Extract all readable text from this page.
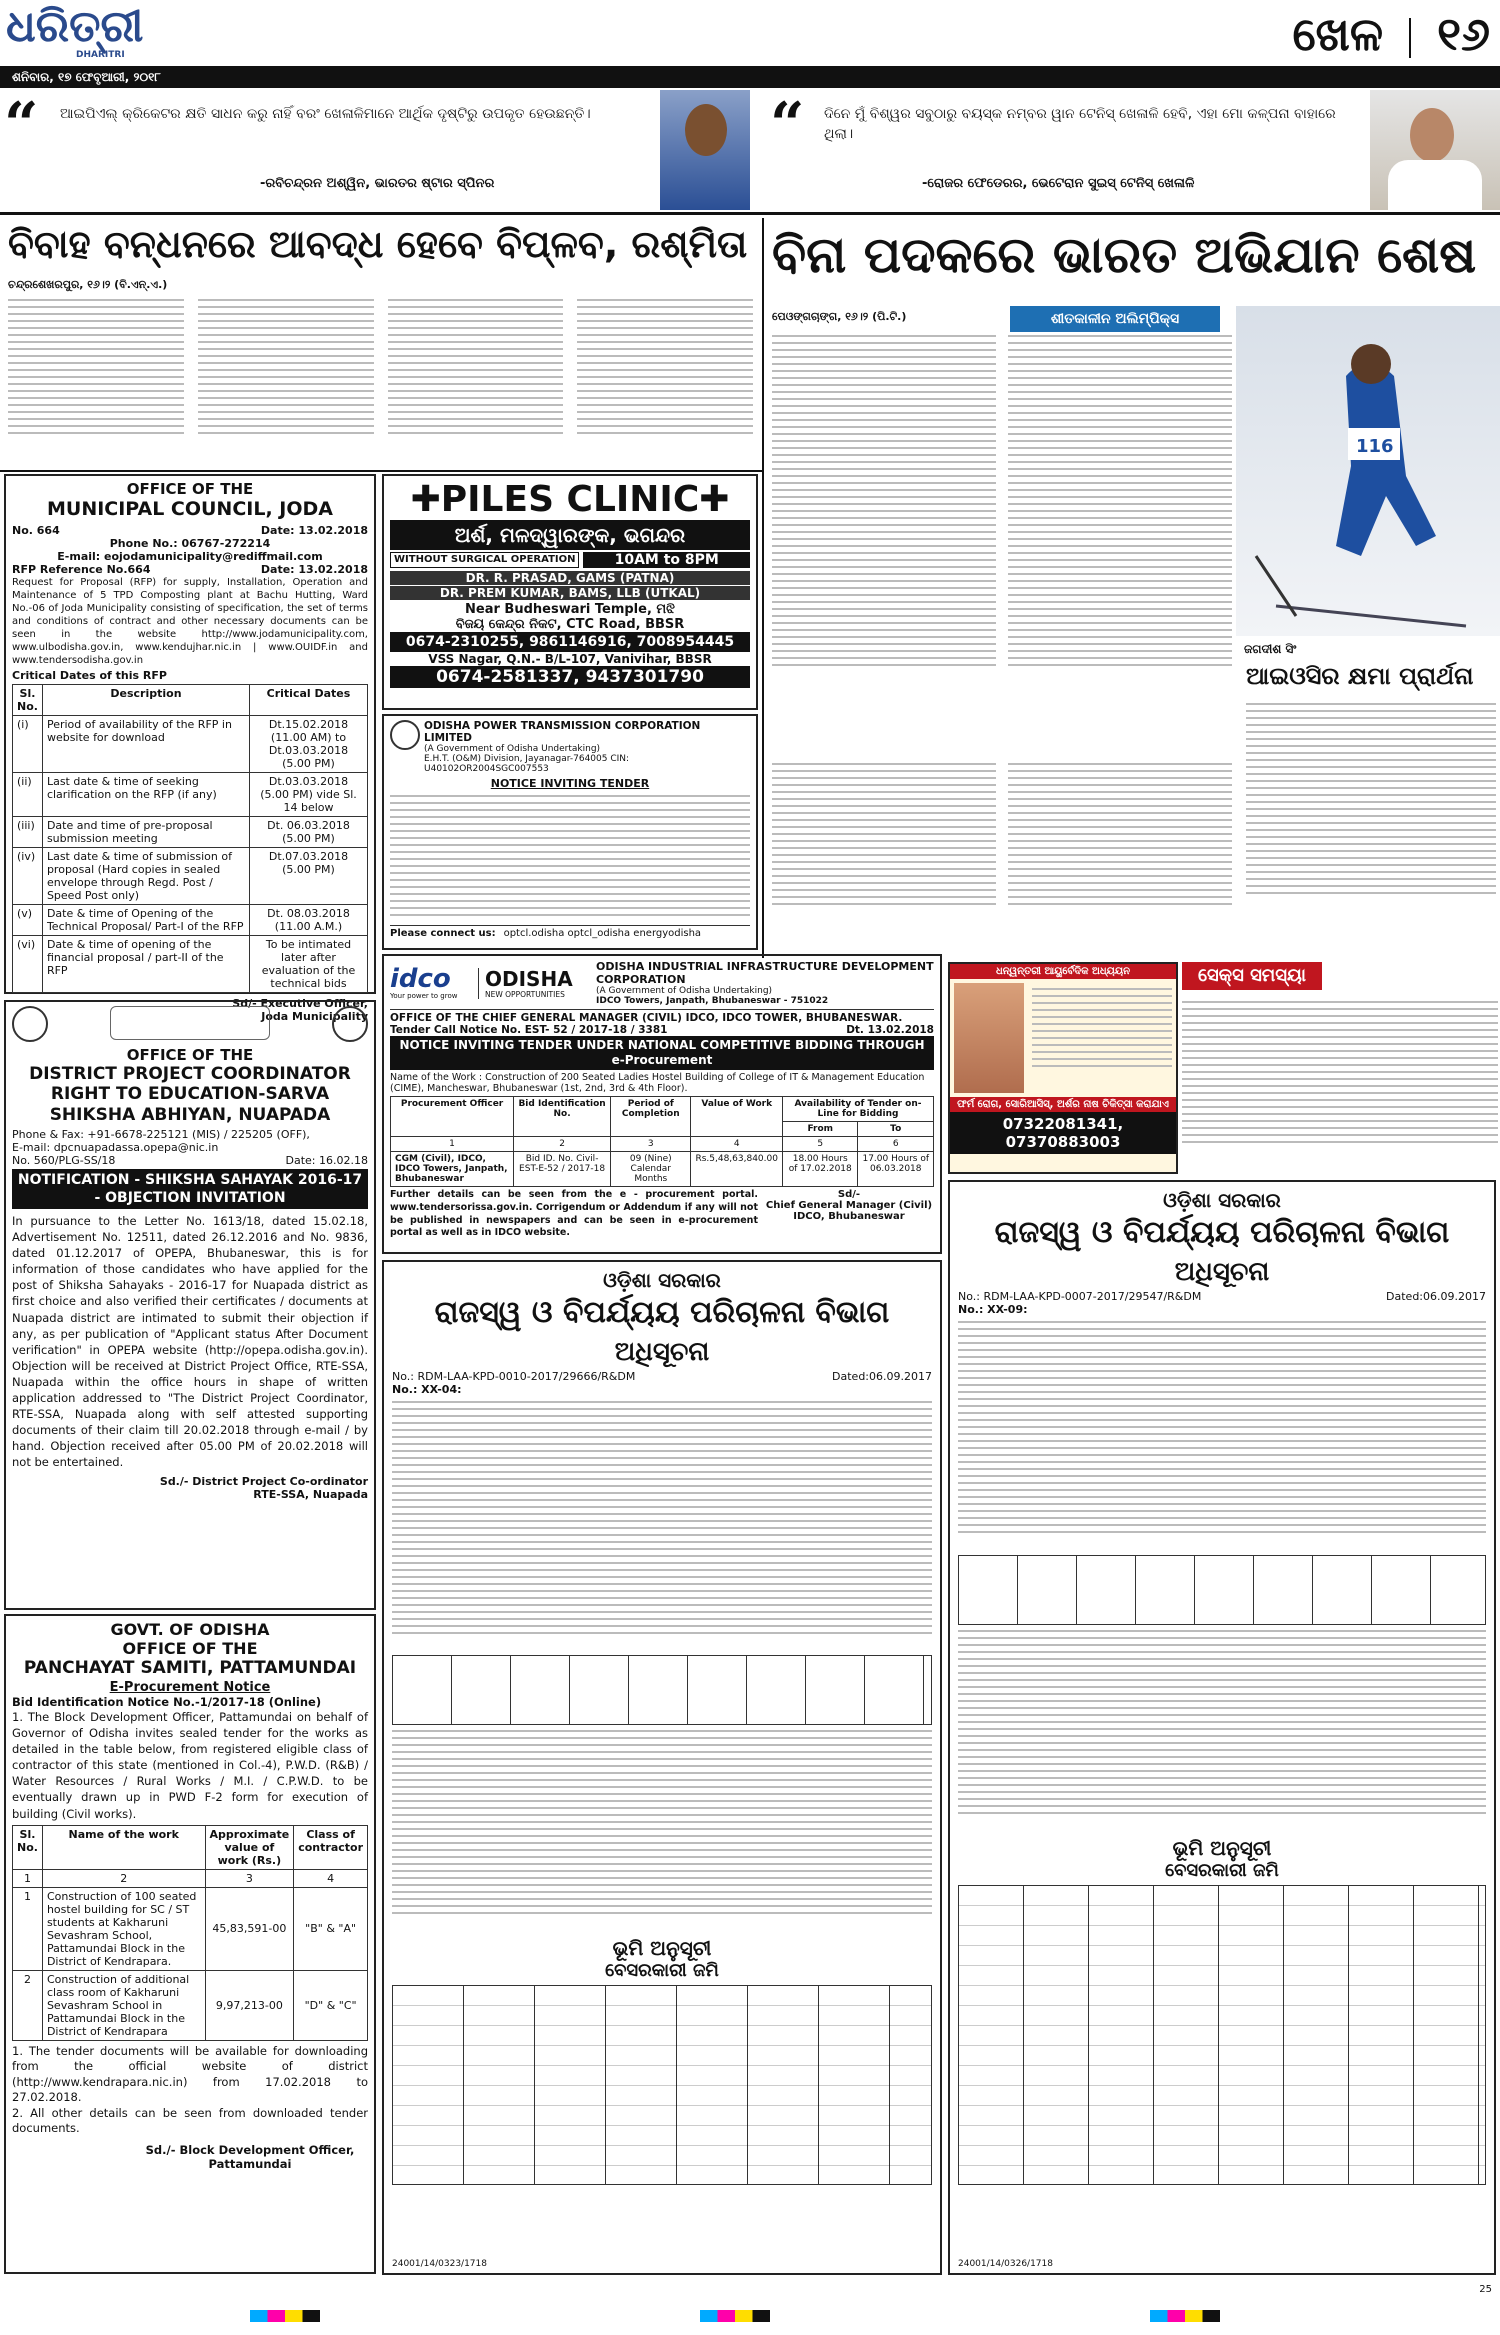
ଧରିତ୍ରୀ
DHARITRI	ଖେଳ ୧୬
ଶନିବାର, ୧୭ ଫେବୃଆରୀ, ୨୦୧୮
“ ଆଇପିଏଲ୍ କ୍ରିକେଟର କ୍ଷତି ସାଧନ କରୁ ନାହିଁ ବରଂ ଖେଳାଳିମାନେ ଆର୍ଥିକ ଦୃଷ୍ଟିରୁ ଉପକୃତ ହେଉଛନ୍ତି।
-ରବିଚନ୍ଦ୍ରନ ଅଶ୍ୱିନ, ଭାରତର ଷ୍ଟାର ସ୍ପିନର
“ ଦିନେ ମୁଁ ବିଶ୍ୱର ସବୁଠାରୁ ବୟସ୍କ ନମ୍ବର ୱାନ ଟେନିସ୍ ଖେଳାଳି ହେବି, ଏହା ମୋ କଳ୍ପନା ବାହାରେ ଥିଲା।
-ରୋଜର ଫେଡେରର, ଭେଟେରାନ ସୁଇସ୍ ଟେନିସ୍ ଖେଳାଳି
ବିବାହ ବନ୍ଧନରେ ଆବଦ୍ଧ ହେବେ ବିପ୍ଳବ, ରଶ୍ମିତା
ଚନ୍ଦ୍ରଶେଖରପୁର, ୧୬।୨ (ବି.ଏନ୍.ଏ.)
ବିନା ପଦକରେ ଭାରତ ଅଭିଯାନ ଶେଷ
ପେଓଙ୍ଗଚାଙ୍ଗ, ୧୬।୨ (ପି.ଟି.)	ଶୀତକାଳୀନ ଅଲିମ୍ପିକ୍ସ
116
ଜଗଦୀଶ ସିଂ
ଆଇଓସିର କ୍ଷମା ପ୍ରାର୍ଥନା
OFFICE OF THE
MUNICIPAL COUNCIL, JODA
No. 664	Date: 13.02.2018
Phone No.: 06767-272214
E-mail: eojodamunicipality@rediffmail.com
RFP Reference No.664	Date: 13.02.2018
Request for Proposal (RFP) for supply, Installation, Operation and Maintenance of 5 TPD Composting plant at Bachu Hutting, Ward No.-06 of Joda Municipality consisting of specification, the set of terms and conditions of contract and other necessary documents can be seen in the website http://www.jodamunicipality.com, www.ulbodisha.gov.in, www.kendujhar.nic.in | www.OUIDF.in and www.tendersodisha.gov.in
Critical Dates of this RFP
Sl. No.	Description	Critical Dates
(i)	Period of availability of the RFP in website for download	Dt.15.02.2018 (11.00 AM) to Dt.03.03.2018 (5.00 PM)
(ii)	Last date & time of seeking clarification on the RFP (if any)	Dt.03.03.2018 (5.00 PM) vide Sl. 14 below
(iii)	Date and time of pre-proposal submission meeting	Dt. 06.03.2018 (5.00 PM)
(iv)	Last date & time of submission of proposal (Hard copies in sealed envelope through Regd. Post / Speed Post only)	Dt.07.03.2018 (5.00 PM)
(v)	Date & time of Opening of the Technical Proposal/ Part-I of the RFP	Dt. 08.03.2018 (11.00 A.M.)
(vi)	Date & time of opening of the financial proposal / part-II of the RFP	To be intimated later after evaluation of the technical bids
Sd/- Executive Officer,
Joda Municipality
✚PILES CLINIC✚
ଅର୍ଶ, ମଳଦ୍ୱାରଙ୍କ, ଭଗନ୍ଦର
WITHOUT SURGICAL OPERATION	10AM to 8PM
DR. R. PRASAD, GAMS (PATNA)
DR. PREM KUMAR, BAMS, LLB (UTKAL)
Near Budheswari Temple, ମଝି
ବିଜୟ କେନ୍ଦ୍ର ନିକଟ, CTC Road, BBSR
0674-2310255, 9861146916, 7008954445
VSS Nagar, Q.N.- B/L-107, Vanivihar, BBSR
0674-2581337, 9437301790
ODISHA POWER TRANSMISSION CORPORATION LIMITED
(A Government of Odisha Undertaking)
E.H.T. (O&M) Division, Jayanagar-764005 CIN: U40102OR2004SGC007553
NOTICE INVITING TENDER
Please connect us: optcl.odisha optcl_odisha energyodisha
idco
Your power to grow
ODISHA
NEW OPPORTUNITIES
ODISHA INDUSTRIAL INFRASTRUCTURE DEVELOPMENT CORPORATION
(A Government of Odisha Undertaking)
IDCO Towers, Janpath, Bhubaneswar - 751022
OFFICE OF THE CHIEF GENERAL MANAGER (CIVIL) IDCO, IDCO TOWER, BHUBANESWAR.
Tender Call Notice No. EST- 52 / 2017-18 / 3381	Dt. 13.02.2018
NOTICE INVITING TENDER UNDER NATIONAL COMPETITIVE BIDDING THROUGH e-Procurement
Name of the Work : Construction of 200 Seated Ladies Hostel Building of College of IT & Management Education (CIME), Mancheswar, Bhubaneswar (1st, 2nd, 3rd & 4th Floor).
Procurement Officer	Bid Identification No.	Period of Completion	Value of Work	Availability of Tender on-Line for Bidding	
				From	To
1	2	3	4	5	6
CGM (Civil), IDCO, IDCO Towers, Janpath, Bhubaneswar	Bid ID. No. Civil- EST-E-52 / 2017-18	09 (Nine) Calendar Months	Rs.5,48,63,840.00	18.00 Hours of 17.02.2018	17.00 Hours of 06.03.2018
Further details can be seen from the e - procurement portal. www.tendersorissa.gov.in. Corrigendum or Addendum if any will not be published in newspapers and can be seen in e-procurement portal as well as in IDCO website.
Sd/-
Chief General Manager (Civil)
IDCO, Bhubaneswar
ଧନ୍ୱନ୍ତରୀ ଆୟୁର୍ବେଦିକ ଅଧ୍ୟୟନ
ଫର୍ମ ରୋଗ, ସୋରିଆସିସ୍, ଅର୍ଶର ନାଷ ଚିକିତ୍ସା କରାଯାଏ
07322081341, 07370883003
ସେକ୍ସ ସମସ୍ୟା
OFFICE OF THE
DISTRICT PROJECT COORDINATOR
RIGHT TO EDUCATION-SARVA SHIKSHA ABHIYAN, NUAPADA
Phone & Fax: +91-6678-225121 (MIS) / 225205 (OFF),
E-mail: dpcnuapadassa.opepa@nic.in
No. 560/PLG-SS/18	Date: 16.02.18
NOTIFICATION - SHIKSHA SAHAYAK 2016-17 - OBJECTION INVITATION
In pursuance to the Letter No. 1613/18, dated 15.02.18, Advertisement No. 12511, dated 26.12.2016 and No. 9836, dated 01.12.2017 of OPEPA, Bhubaneswar, this is for information of those candidates who have applied for the post of Shiksha Sahayaks - 2016-17 for Nuapada district as first choice and also verified their certificates / documents at Nuapada district are intimated to submit their objection if any, as per publication of "Applicant status After Document verification" in OPEPA website (http://opepa.odisha.gov.in). Objection will be received at District Project Office, RTE-SSA, Nuapada within the office hours in shape of written application addressed to "The District Project Coordinator, RTE-SSA, Nuapada along with self attested supporting documents of their claim till 20.02.2018 through e-mail / by hand. Objection received after 05.00 PM of 20.02.2018 will not be entertained.
Sd./- District Project Co-ordinator
RTE-SSA, Nuapada
GOVT. OF ODISHA
OFFICE OF THE
PANCHAYAT SAMITI, PATTAMUNDAI
E-Procurement Notice
Bid Identification Notice No.-1/2017-18 (Online)
1. The Block Development Officer, Pattamundai on behalf of Governor of Odisha invites sealed tender for the works as detailed in the table below, from registered eligible class of contractor of this state (mentioned in Col.-4), P.W.D. (R&B) / Water Resources / Rural Works / M.I. / C.P.W.D. to be eventually drawn up in PWD F-2 form for execution of building (Civil works).
Sl. No.	Name of the work	Approximate value of work (Rs.)	Class of contractor
1	2	3	4
1	Construction of 100 seated hostel building for SC / ST students at Kakharuni Sevashram School, Pattamundai Block in the District of Kendrapara.	45,83,591-00	"B" & "A"
2	Construction of additional class room of Kakharuni Sevashram School in Pattamundai Block in the District of Kendrapara	9,97,213-00	"D" & "C"
1. The tender documents will be available for downloading from the official website of district (http://www.kendrapara.nic.in) from 17.02.2018 to 27.02.2018.
2. All other details can be seen from downloaded tender documents.
Sd./- Block Development Officer,
Pattamundai
ଓଡ଼ିଶା ସରକାର
ରାଜସ୍ୱ ଓ ବିପର୍ଯ୍ୟୟ ପରିଚାଳନା ବିଭାଗ
ଅଧିସୂଚନା
No.: RDM-LAA-KPD-0010-2017/29666/R&DM	Dated:06.09.2017
No.: XX-04:
ଭୂମି ଅନୁସୂଚୀ
ବେସରକାରୀ ଜମି
24001/14/0323/1718
ଓଡ଼ିଶା ସରକାର
ରାଜସ୍ୱ ଓ ବିପର୍ଯ୍ୟୟ ପରିଚାଳନା ବିଭାଗ
ଅଧିସୂଚନା
No.: RDM-LAA-KPD-0007-2017/29547/R&DM	Dated:06.09.2017
No.: XX-09:
ଭୂମି ଅନୁସୂଚୀ
ବେସରକାରୀ ଜମି
24001/14/0326/1718
25
